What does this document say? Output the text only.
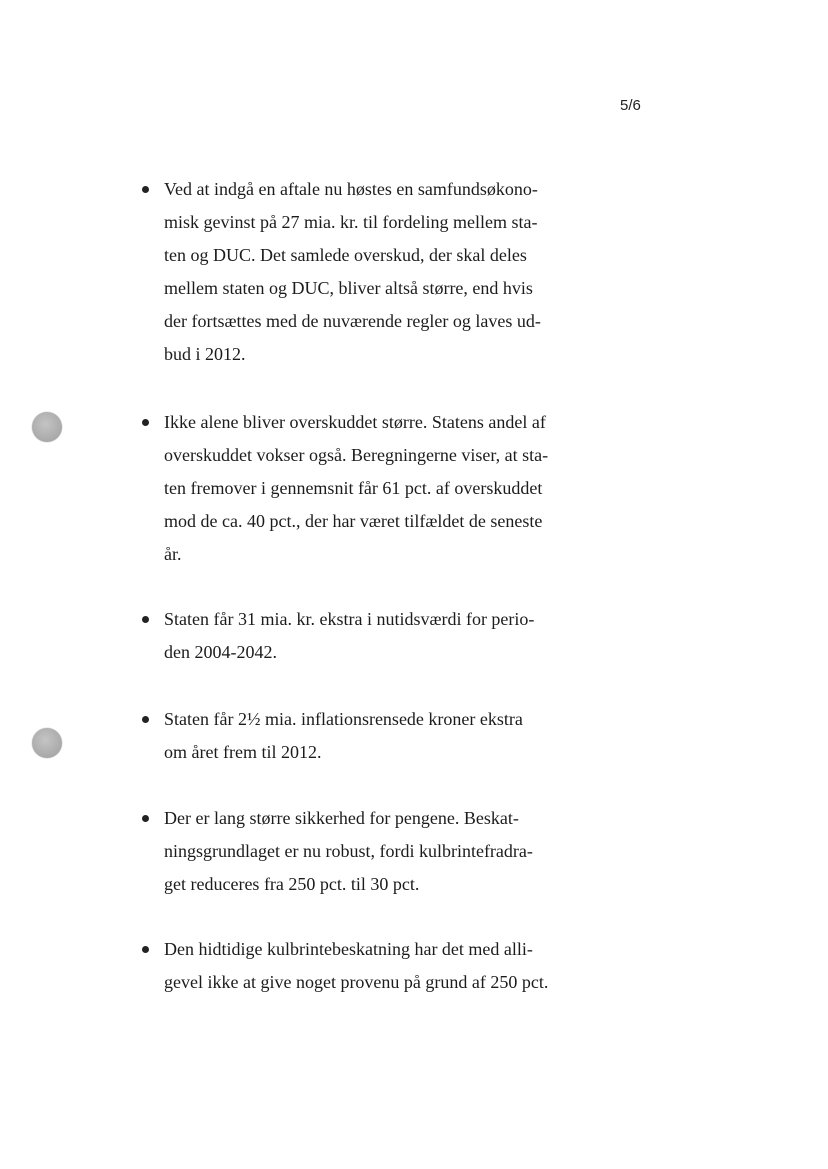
5/6
Ved at indgå en aftale nu høstes en samfundsøkono-
misk gevinst på 27 mia. kr. til fordeling mellem sta-
ten og DUC. Det samlede overskud, der skal deles
mellem staten og DUC, bliver altså større, end hvis
der fortsættes med de nuværende regler og laves ud-
bud i 2012.
Ikke alene bliver overskuddet større. Statens andel af
overskuddet vokser også. Beregningerne viser, at sta-
ten fremover i gennemsnit får 61 pct. af overskuddet
mod de ca. 40 pct., der har været tilfældet de seneste
år.
Staten får 31 mia. kr. ekstra i nutidsværdi for perio-
den 2004-2042.
Staten får 2½ mia. inflationsrensede kroner ekstra
om året frem til 2012.
Der er lang større sikkerhed for pengene. Beskat-
ningsgrundlaget er nu robust, fordi kulbrintefradra-
get reduceres fra 250 pct. til 30 pct.
Den hidtidige kulbrintebeskatning har det med alli-
gevel ikke at give noget provenu på grund af 250 pct.
